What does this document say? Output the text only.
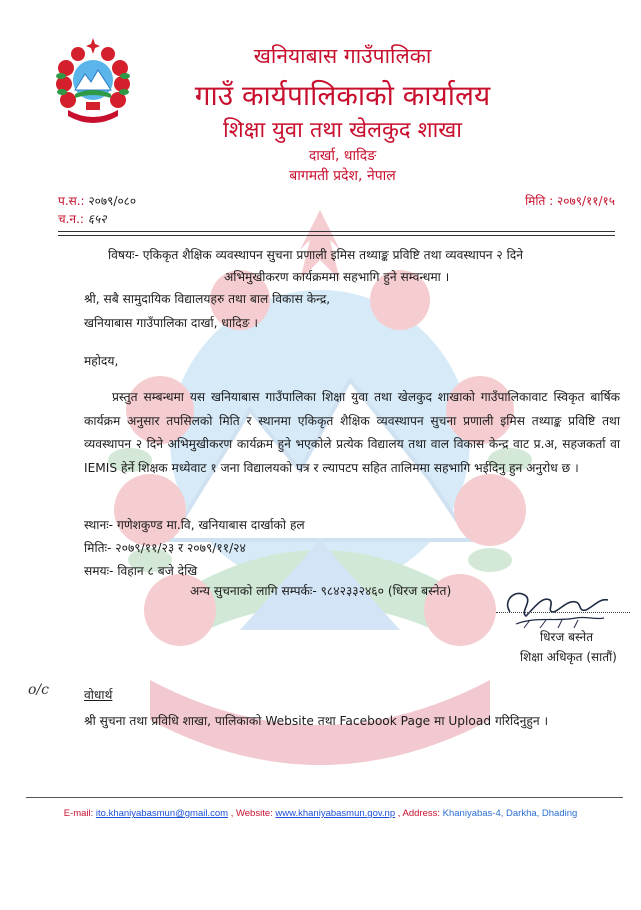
खनियाबास गाउँपालिका
गाउँ कार्यपालिकाको कार्यालय
शिक्षा युवा तथा खेलकुद शाखा
दार्खा, धादिङ
बागमती प्रदेश, नेपाल
प.स.: २०७९/०८०
च.न.: ६५२
मिति : २०७९/११/१५
विषयः- एकिकृत शैक्षिक व्यवस्थापन सुचना प्रणाली इमिस तथ्याङ्क प्रविष्टि तथा व्यवस्थापन २ दिने
अभिमुखीकरण कार्यक्रममा सहभागि हुने सम्वन्धमा ।
श्री, सबै सामुदायिक विद्यालयहरु तथा बाल विकास केन्द्र,
खनियाबास गाउँपालिका दार्खा, धादिङ ।
महोदय,
प्रस्तुत सम्बन्धमा यस खनियाबास गाउँपालिका शिक्षा युवा तथा खेलकुद शाखाको गाउँपालिकावाट स्विकृत बार्षिक कार्यक्रम अनुसार तपसिलको मिति र स्थानमा एकिकृत शैक्षिक व्यवस्थापन सुचना प्रणाली इमिस तथ्याङ्क प्रविष्टि तथा व्यवस्थापन २ दिने अभिमुखीकरण कार्यक्रम हुने भएकोले प्रत्येक विद्यालय तथा वाल विकास केन्द्र वाट प्र.अ, सहजकर्ता वा IEMIS हेर्ने शिक्षक मध्येवाट १ जना विद्यालयको पत्र र ल्यापटप सहित तालिममा सहभागि भईदिनु हुन अनुरोध छ ।
स्थानः- गणेशकुण्ड मा.वि, खनियाबास दार्खाको हल
मितिः- २०७९/११/२३ र २०७९/११/२४
समयः- विहान ८ बजे देखि
अन्य सुचनाको लागि सम्पर्कः- ९८४२३३२४६० (धिरज बस्नेत)
धिरज बस्नेत
शिक्षा अधिकृत (सातौं)
o/c	वोधार्थ
श्री सुचना तथा प्रविधि शाखा, पालिकाको Website तथा Facebook Page मा Upload गरिदिनुहुन ।
E-mail: ito.khaniyabasmun@gmail.com , Website: www.khaniyabasmun.gov.np , Address: Khaniyabas-4, Darkha, Dhading
